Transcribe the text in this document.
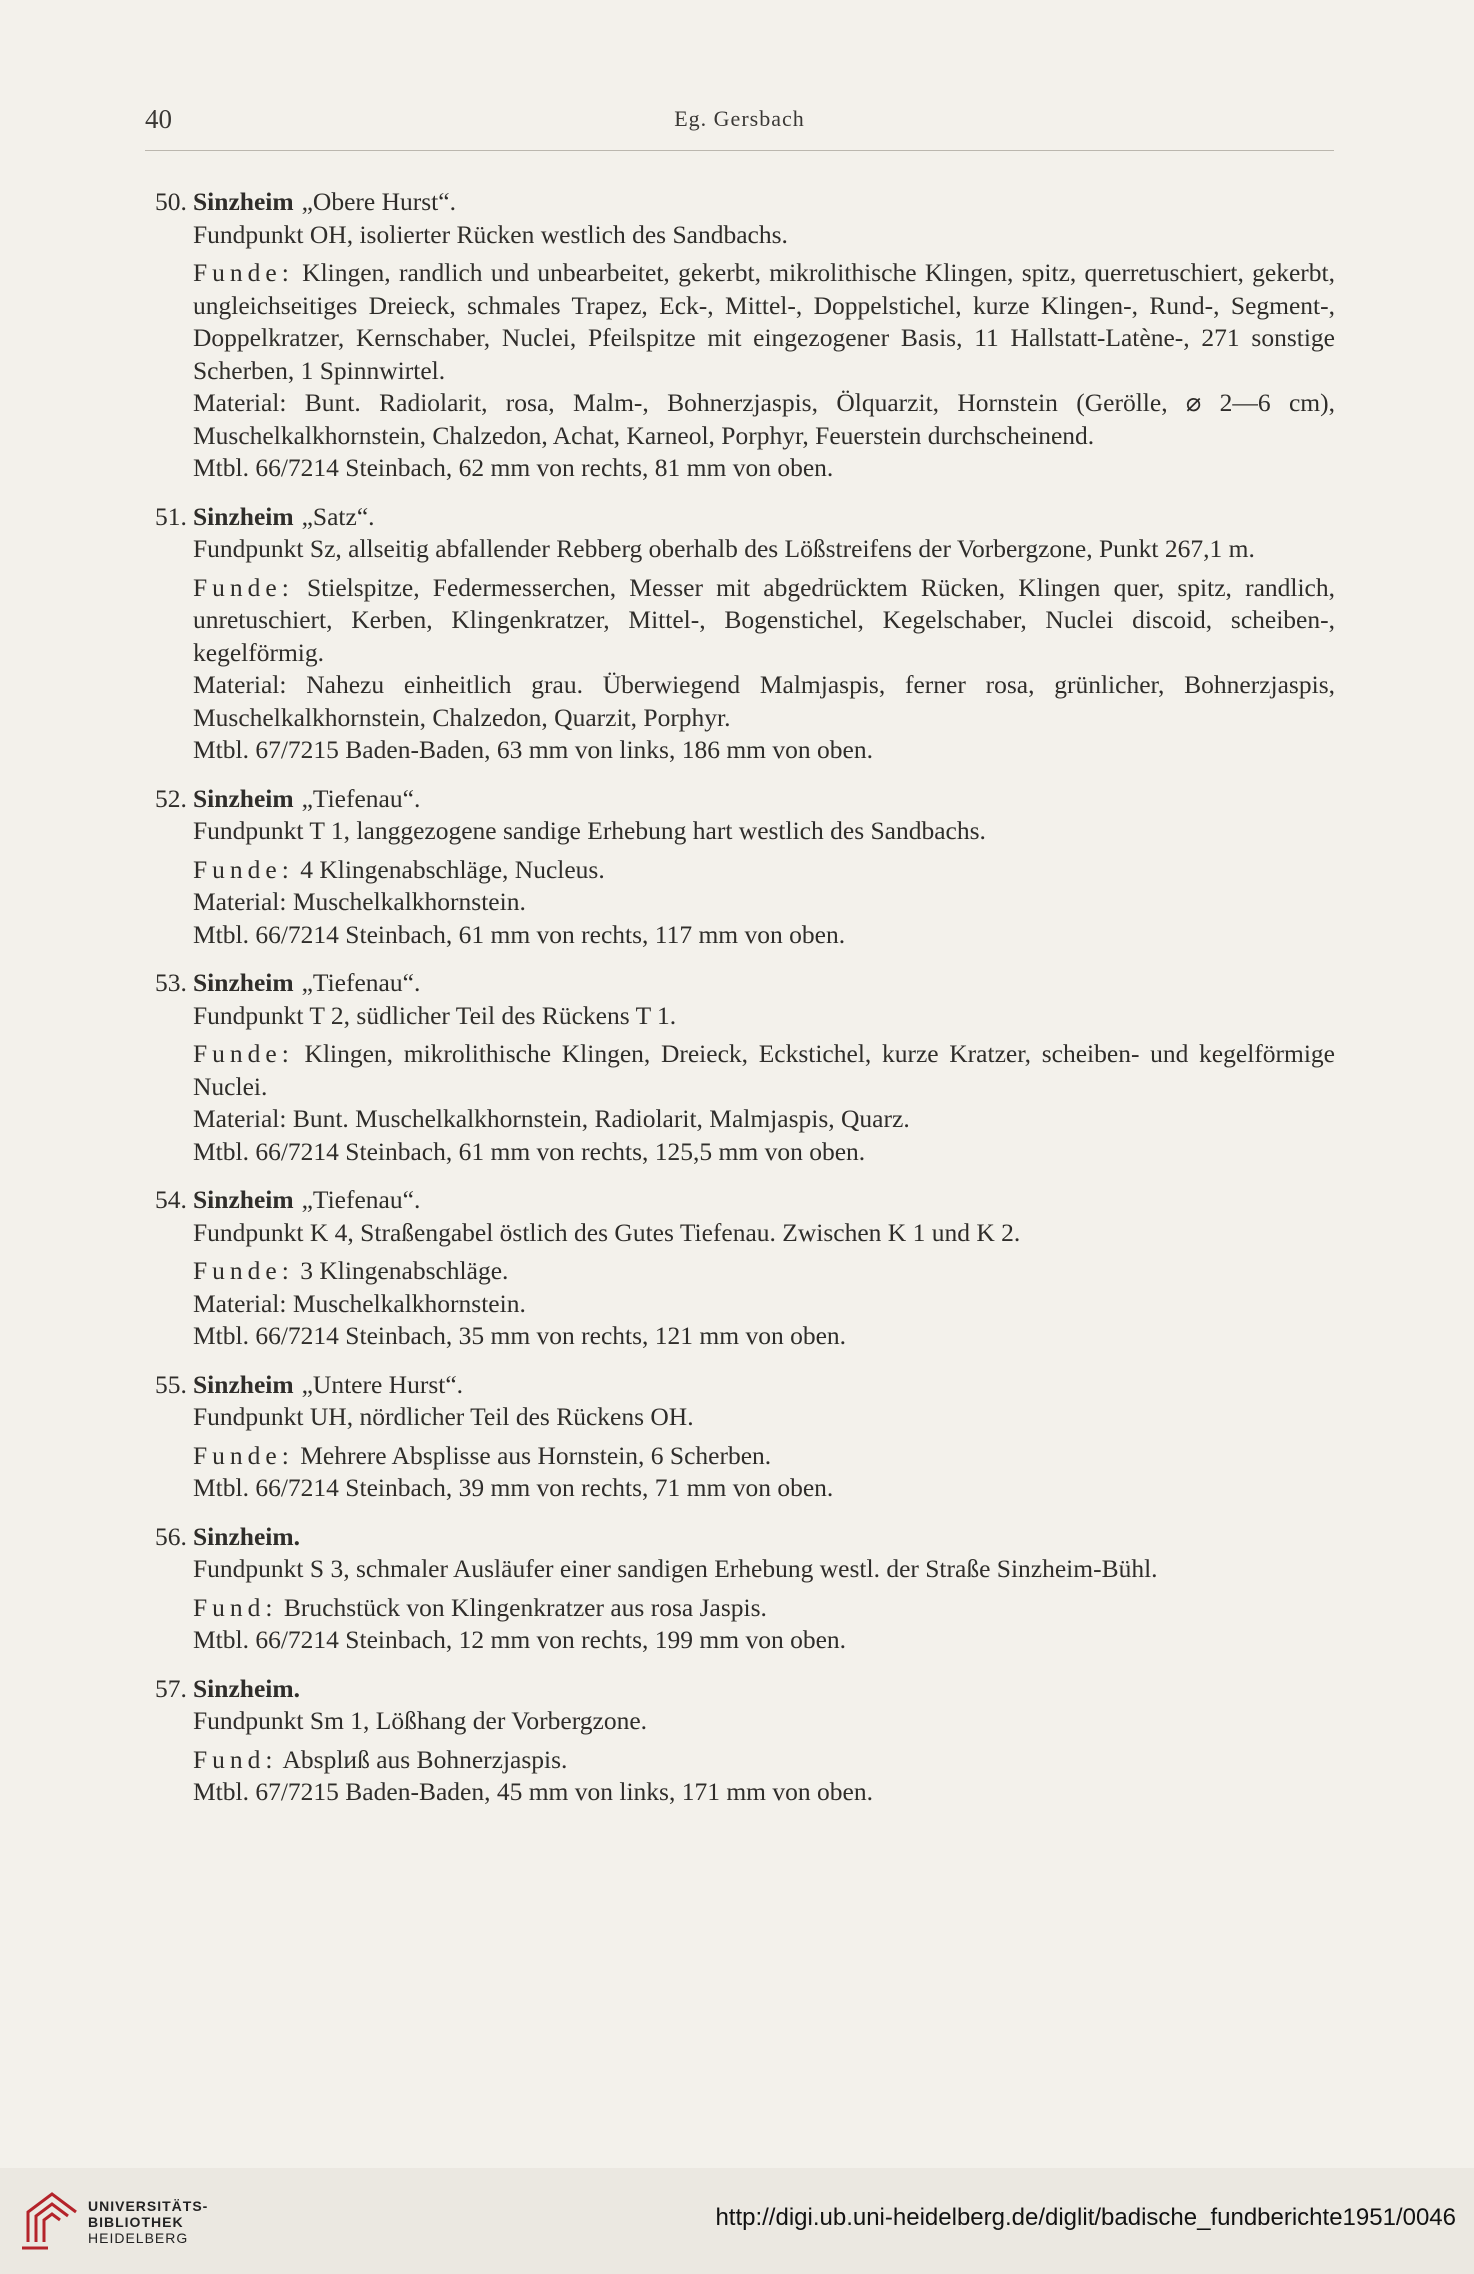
40	Eg. Gersbach
50. Sinzheim „Obere Hurst“.
Fundpunkt OH, isolierter Rücken westlich des Sandbachs.
Funde: Klingen, randlich und unbearbeitet, gekerbt, mikrolithische Klingen, spitz, querretuschiert, gekerbt, ungleichseitiges Dreieck, schmales Trapez, Eck-, Mittel-, Doppelstichel, kurze Klingen-, Rund-, Segment-, Doppelkratzer, Kernschaber, Nuclei, Pfeilspitze mit eingezogener Basis, 11 Hallstatt-Latène-, 271 sonstige Scherben, 1 Spinnwirtel.
Material: Bunt. Radiolarit, rosa, Malm-, Bohnerzjaspis, Ölquarzit, Hornstein (Gerölle, ⌀ 2—6 cm), Muschelkalkhornstein, Chalzedon, Achat, Karneol, Porphyr, Feuerstein durchscheinend.
Mtbl. 66/7214 Steinbach, 62 mm von rechts, 81 mm von oben.
51. Sinzheim „Satz“.
Fundpunkt Sz, allseitig abfallender Rebberg oberhalb des Lößstreifens der Vorbergzone, Punkt 267,1 m.
Funde: Stielspitze, Federmesserchen, Messer mit abgedrücktem Rücken, Klingen quer, spitz, randlich, unretuschiert, Kerben, Klingenkratzer, Mittel-, Bogenstichel, Kegelschaber, Nuclei discoid, scheiben-, kegelförmig.
Material: Nahezu einheitlich grau. Überwiegend Malmjaspis, ferner rosa, grünlicher, Bohnerzjaspis, Muschelkalkhornstein, Chalzedon, Quarzit, Porphyr.
Mtbl. 67/7215 Baden-Baden, 63 mm von links, 186 mm von oben.
52. Sinzheim „Tiefenau“.
Fundpunkt T 1, langgezogene sandige Erhebung hart westlich des Sandbachs.
Funde: 4 Klingenabschläge, Nucleus.
Material: Muschelkalkhornstein.
Mtbl. 66/7214 Steinbach, 61 mm von rechts, 117 mm von oben.
53. Sinzheim „Tiefenau“.
Fundpunkt T 2, südlicher Teil des Rückens T 1.
Funde: Klingen, mikrolithische Klingen, Dreieck, Eckstichel, kurze Kratzer, scheiben- und kegelförmige Nuclei.
Material: Bunt. Muschelkalkhornstein, Radiolarit, Malmjaspis, Quarz.
Mtbl. 66/7214 Steinbach, 61 mm von rechts, 125,5 mm von oben.
54. Sinzheim „Tiefenau“.
Fundpunkt K 4, Straßengabel östlich des Gutes Tiefenau. Zwischen K 1 und K 2.
Funde: 3 Klingenabschläge.
Material: Muschelkalkhornstein.
Mtbl. 66/7214 Steinbach, 35 mm von rechts, 121 mm von oben.
55. Sinzheim „Untere Hurst“.
Fundpunkt UH, nördlicher Teil des Rückens OH.
Funde: Mehrere Absplisse aus Hornstein, 6 Scherben.
Mtbl. 66/7214 Steinbach, 39 mm von rechts, 71 mm von oben.
56. Sinzheim.
Fundpunkt S 3, schmaler Ausläufer einer sandigen Erhebung westl. der Straße Sinzheim-Bühl.
Fund: Bruchstück von Klingenkratzer aus rosa Jaspis.
Mtbl. 66/7214 Steinbach, 12 mm von rechts, 199 mm von oben.
57. Sinzheim.
Fundpunkt Sm 1, Lößhang der Vorbergzone.
Fund: Absplиß aus Bohnerzjaspis.
Mtbl. 67/7215 Baden-Baden, 45 mm von links, 171 mm von oben.
UNIVERSITÄTS-
BIBLIOTHEK
HEIDELBERG
http://digi.ub.uni-heidelberg.de/diglit/badische_fundberichte1951/0046
